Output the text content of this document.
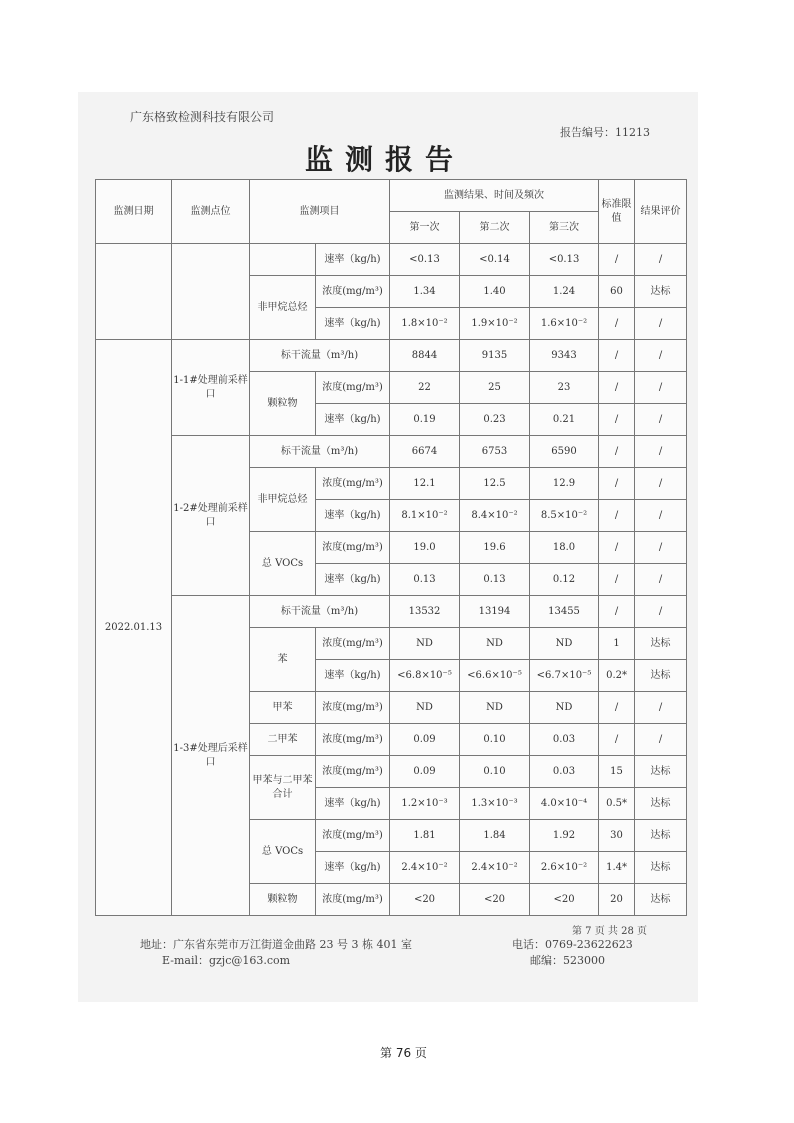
广东格致检测科技有限公司
报告编号：11213
监测报告
监测日期	监测点位	监测项目		监测结果、时间及频次			标准限值	结果评价
				第一次	第二次	第三次		
			速率（kg/h)	<0.13	<0.14	<0.13	/	/
		非甲烷总烃	浓度(mg/m³)	1.34	1.40	1.24	60	达标
			速率（kg/h)	1.8×10⁻²	1.9×10⁻²	1.6×10⁻²	/	/
2022.01.13	1-1#处理前采样口	标干流量（m³/h)		8844	9135	9343	/	/
		颗粒物	浓度(mg/m³)	22	25	23	/	/
			速率（kg/h)	0.19	0.23	0.21	/	/
	1-2#处理前采样口	标干流量（m³/h)		6674	6753	6590	/	/
		非甲烷总烃	浓度(mg/m³)	12.1	12.5	12.9	/	/
			速率（kg/h)	8.1×10⁻²	8.4×10⁻²	8.5×10⁻²	/	/
		总 VOCs	浓度(mg/m³)	19.0	19.6	18.0	/	/
			速率（kg/h)	0.13	0.13	0.12	/	/
	1-3#处理后采样口	标干流量（m³/h)		13532	13194	13455	/	/
		苯	浓度(mg/m³)	ND	ND	ND	1	达标
			速率（kg/h)	<6.8×10⁻⁵	<6.6×10⁻⁵	<6.7×10⁻⁵	0.2*	达标
		甲苯	浓度(mg/m³)	ND	ND	ND	/	/
		二甲苯	浓度(mg/m³)	0.09	0.10	0.03	/	/
		甲苯与二甲苯合计	浓度(mg/m³)	0.09	0.10	0.03	15	达标
			速率（kg/h)	1.2×10⁻³	1.3×10⁻³	4.0×10⁻⁴	0.5*	达标
		总 VOCs	浓度(mg/m³)	1.81	1.84	1.92	30	达标
			速率（kg/h)	2.4×10⁻²	2.4×10⁻²	2.6×10⁻²	1.4*	达标
		颗粒物	浓度(mg/m³)	<20	<20	<20	20	达标
第 7 页 共 28 页
地址：广东省东莞市万江街道金曲路 23 号 3 栋 401 室
E-mail：gzjc@163.com
电话：0769-23622623
邮编：523000
第 76 页
